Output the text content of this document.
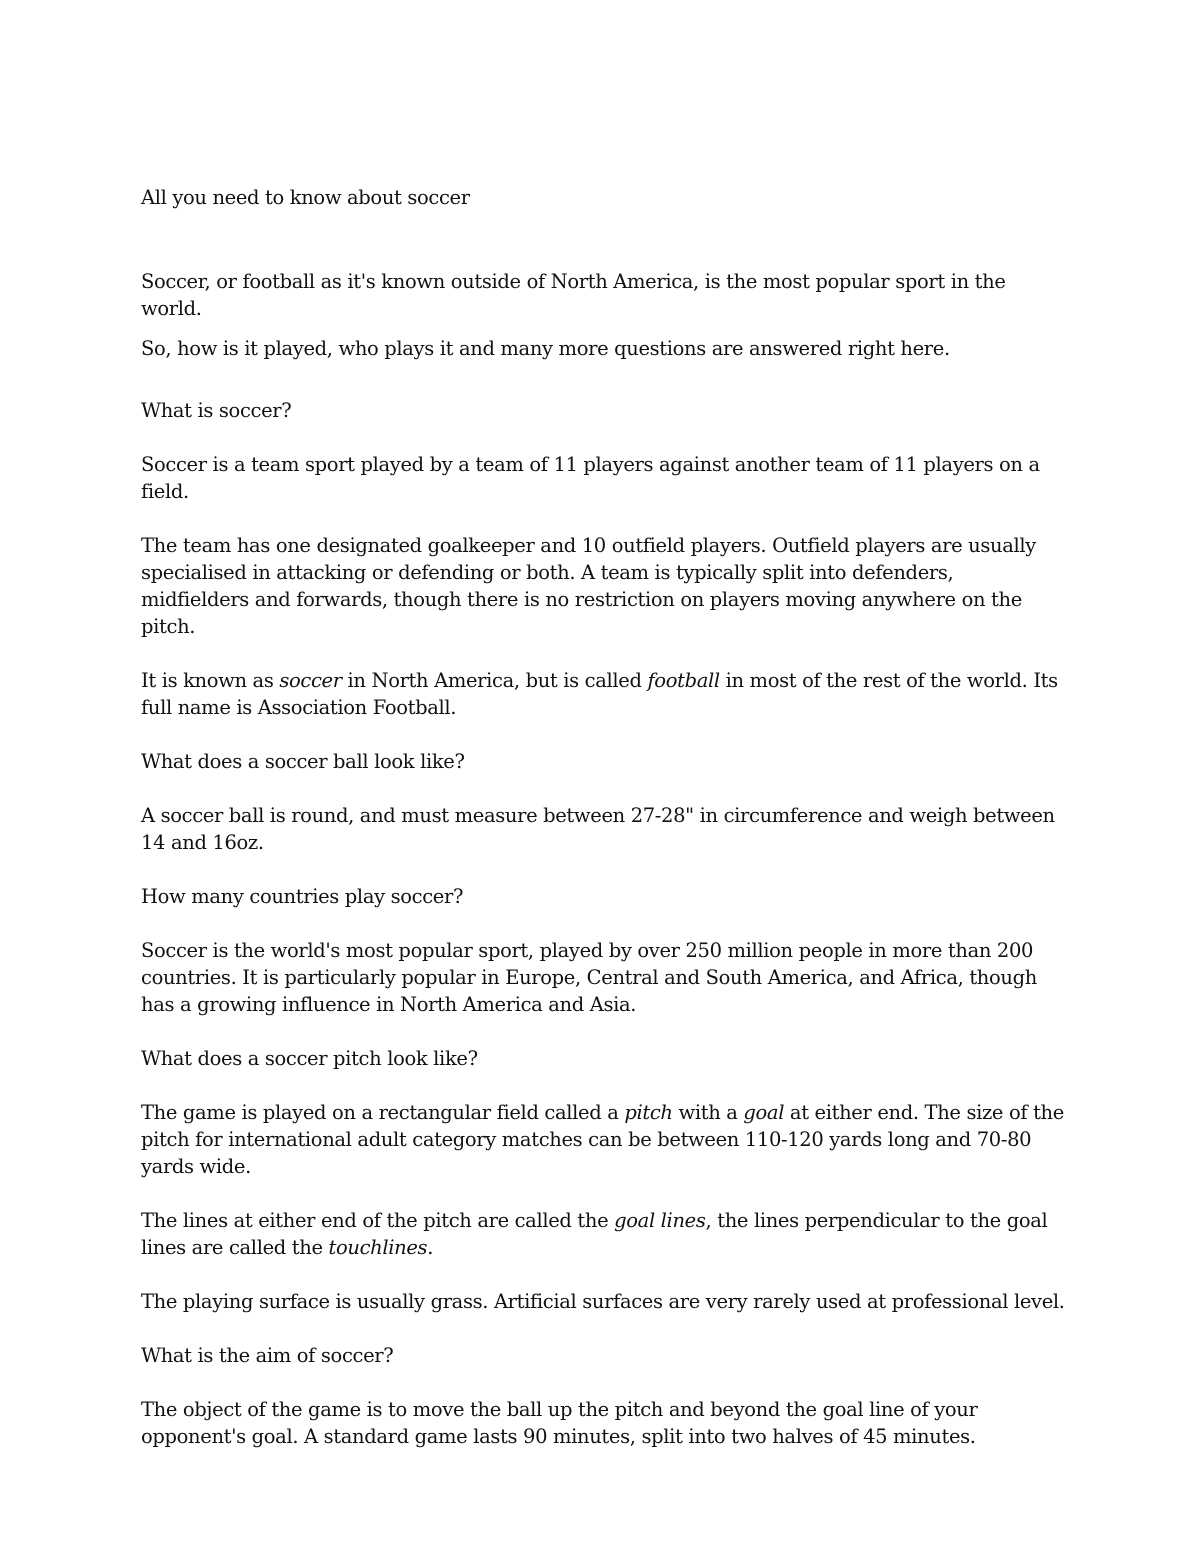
All you need to know about soccer

Soccer, or football as it's known outside of North America, is the most popular sport in the world.

So, how is it played, who plays it and many more questions are answered right here.

What is soccer?

Soccer is a team sport played by a team of 11 players against another team of 11 players on a field.

The team has one designated goalkeeper and 10 outfield players. Outfield players are usually specialised in attacking or defending or both. A team is typically split into defenders, midfielders and forwards, though there is no restriction on players moving anywhere on the pitch.

It is known as soccer in North America, but is called football in most of the rest of the world. Its full name is Association Football.

What does a soccer ball look like?

A soccer ball is round, and must measure between 27-28" in circumference and weigh between 14 and 16oz.

How many countries play soccer?

Soccer is the world's most popular sport, played by over 250 million people in more than 200 countries. It is particularly popular in Europe, Central and South America, and Africa, though has a growing influence in North America and Asia.

What does a soccer pitch look like?

The game is played on a rectangular field called a pitch with a goal at either end. The size of the pitch for international adult category matches can be between 110-120 yards long and 70-80 yards wide.

The lines at either end of the pitch are called the goal lines, the lines perpendicular to the goal lines are called the touchlines.

The playing surface is usually grass. Artificial surfaces are very rarely used at professional level.

What is the aim of soccer?

The object of the game is to move the ball up the pitch and beyond the goal line of your opponent's goal. A standard game lasts 90 minutes, split into two halves of 45 minutes.
